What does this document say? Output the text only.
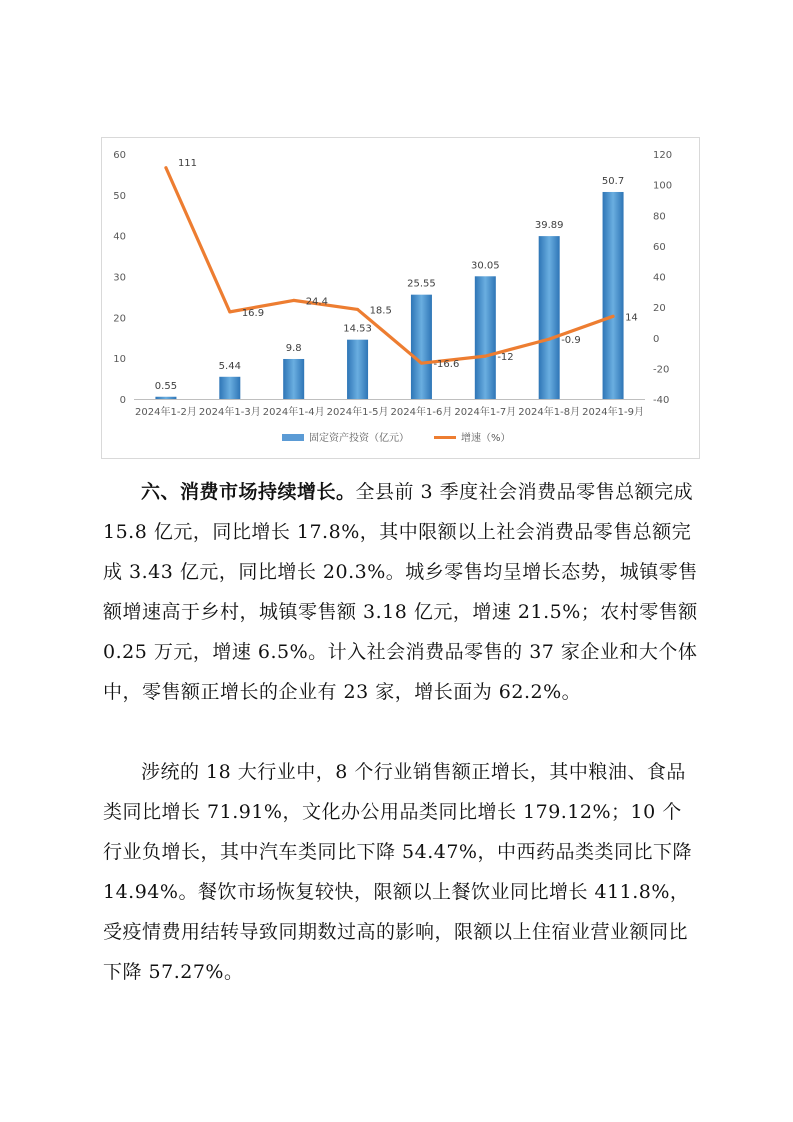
0
10
20
30
40
50
60
-40
-20
0
20
40
60
80
100
120
2024年1-2月 2024年1-3月 2024年1-4月 2024年1-5月 2024年1-6月 2024年1-7月 2024年1-8月 2024年1-9月
0.55
5.44
9.8
14.53
25.55
30.05
39.89
50.7
111
16.9
24.4
18.5
-16.6
-12
-0.9
14
固定资产投资（亿元）	增速（%）

六、消费市场持续增长。全县前 3 季度社会消费品零售总额完成 15.8 亿元，同比增长 17.8%，其中限额以上社会消费品零售总额完成 3.43 亿元，同比增长 20.3%。城乡零售均呈增长态势，城镇零售额增速高于乡村，城镇零售额 3.18 亿元，增速 21.5%；农村零售额 0.25 万元，增速 6.5%。计入社会消费品零售的 37 家企业和大个体中，零售额正增长的企业有 23 家，增长面为 62.2%。

涉统的 18 大行业中，8 个行业销售额正增长，其中粮油、食品类同比增长 71.91%，文化办公用品类同比增长 179.12%；10 个行业负增长，其中汽车类同比下降 54.47%，中西药品类类同比下降 14.94%。餐饮市场恢复较快，限额以上餐饮业同比增长 411.8%，受疫情费用结转导致同期数过高的影响，限额以上住宿业营业额同比下降 57.27%。
